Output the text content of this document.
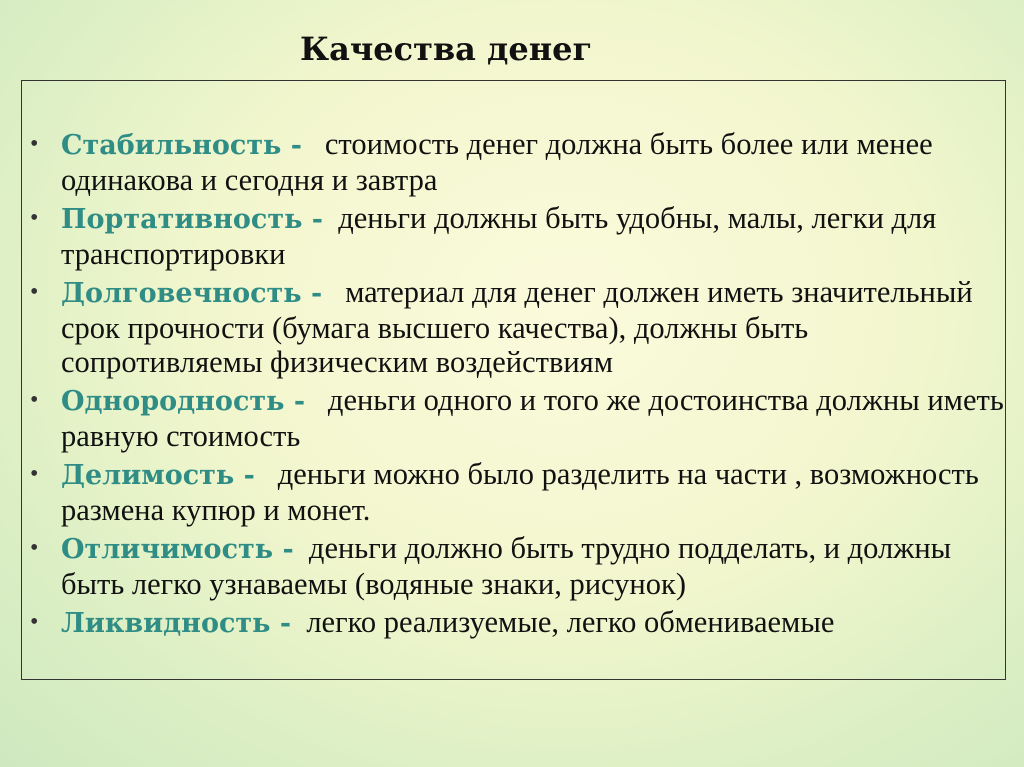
Качества денег
• Стабильность - стоимость денег должна быть более или менее одинакова и сегодня и завтра
• Портативность - деньги должны быть удобны, малы, легки для транспортировки
• Долговечность - материал для денег должен иметь значительный срок прочности (бумага высшего качества), должны быть сопротивляемы физическим воздействиям
• Однородность - деньги одного и того же достоинства должны иметь равную стоимость
• Делимость - деньги можно было разделить на части , возможность размена купюр и монет.
• Отличимость - деньги должно быть трудно подделать, и должны быть легко узнаваемы (водяные знаки, рисунок)
• Ликвидность - легко реализуемые, легко обмениваемые
